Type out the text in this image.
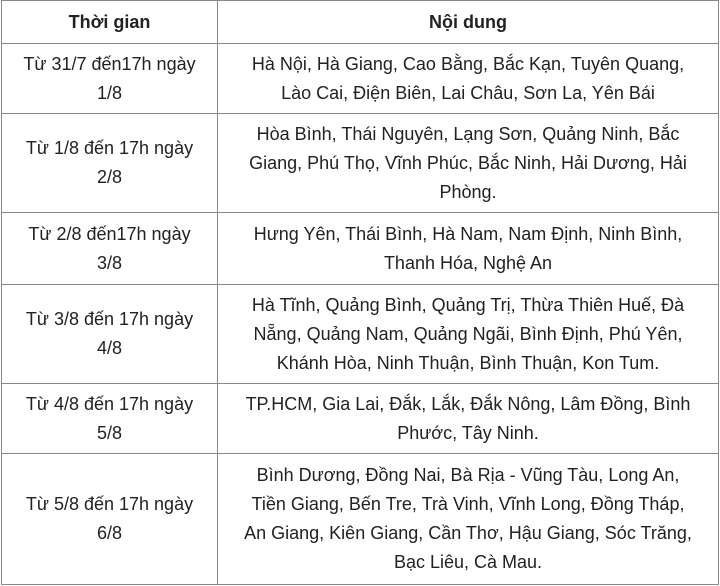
Thời gian	Nội dung

Từ 31/7 đến17h ngày
1/8	Hà Nội, Hà Giang, Cao Bằng, Bắc Kạn, Tuyên Quang,
Lào Cai, Điện Biên, Lai Châu, Sơn La, Yên Bái

Từ 1/8 đến 17h ngày
2/8	Hòa Bình, Thái Nguyên, Lạng Sơn, Quảng Ninh, Bắc
Giang, Phú Thọ, Vĩnh Phúc, Bắc Ninh, Hải Dương, Hải
Phòng.

Từ 2/8 đến17h ngày
3/8	Hưng Yên, Thái Bình, Hà Nam, Nam Định, Ninh Bình,
Thanh Hóa, Nghệ An

Từ 3/8 đến 17h ngày
4/8	Hà Tĩnh, Quảng Bình, Quảng Trị, Thừa Thiên Huế, Đà
Nẵng, Quảng Nam, Quảng Ngãi, Bình Định, Phú Yên,
Khánh Hòa, Ninh Thuận, Bình Thuận, Kon Tum.

Từ 4/8 đến 17h ngày
5/8	TP.HCM, Gia Lai, Đắk, Lắk, Đắk Nông, Lâm Đồng, Bình
Phước, Tây Ninh.

Từ 5/8 đến 17h ngày
6/8	Bình Dương, Đồng Nai, Bà Rịa - Vũng Tàu, Long An,
Tiền Giang, Bến Tre, Trà Vinh, Vĩnh Long, Đồng Tháp,
An Giang, Kiên Giang, Cần Thơ, Hậu Giang, Sóc Trăng,
Bạc Liêu, Cà Mau.
